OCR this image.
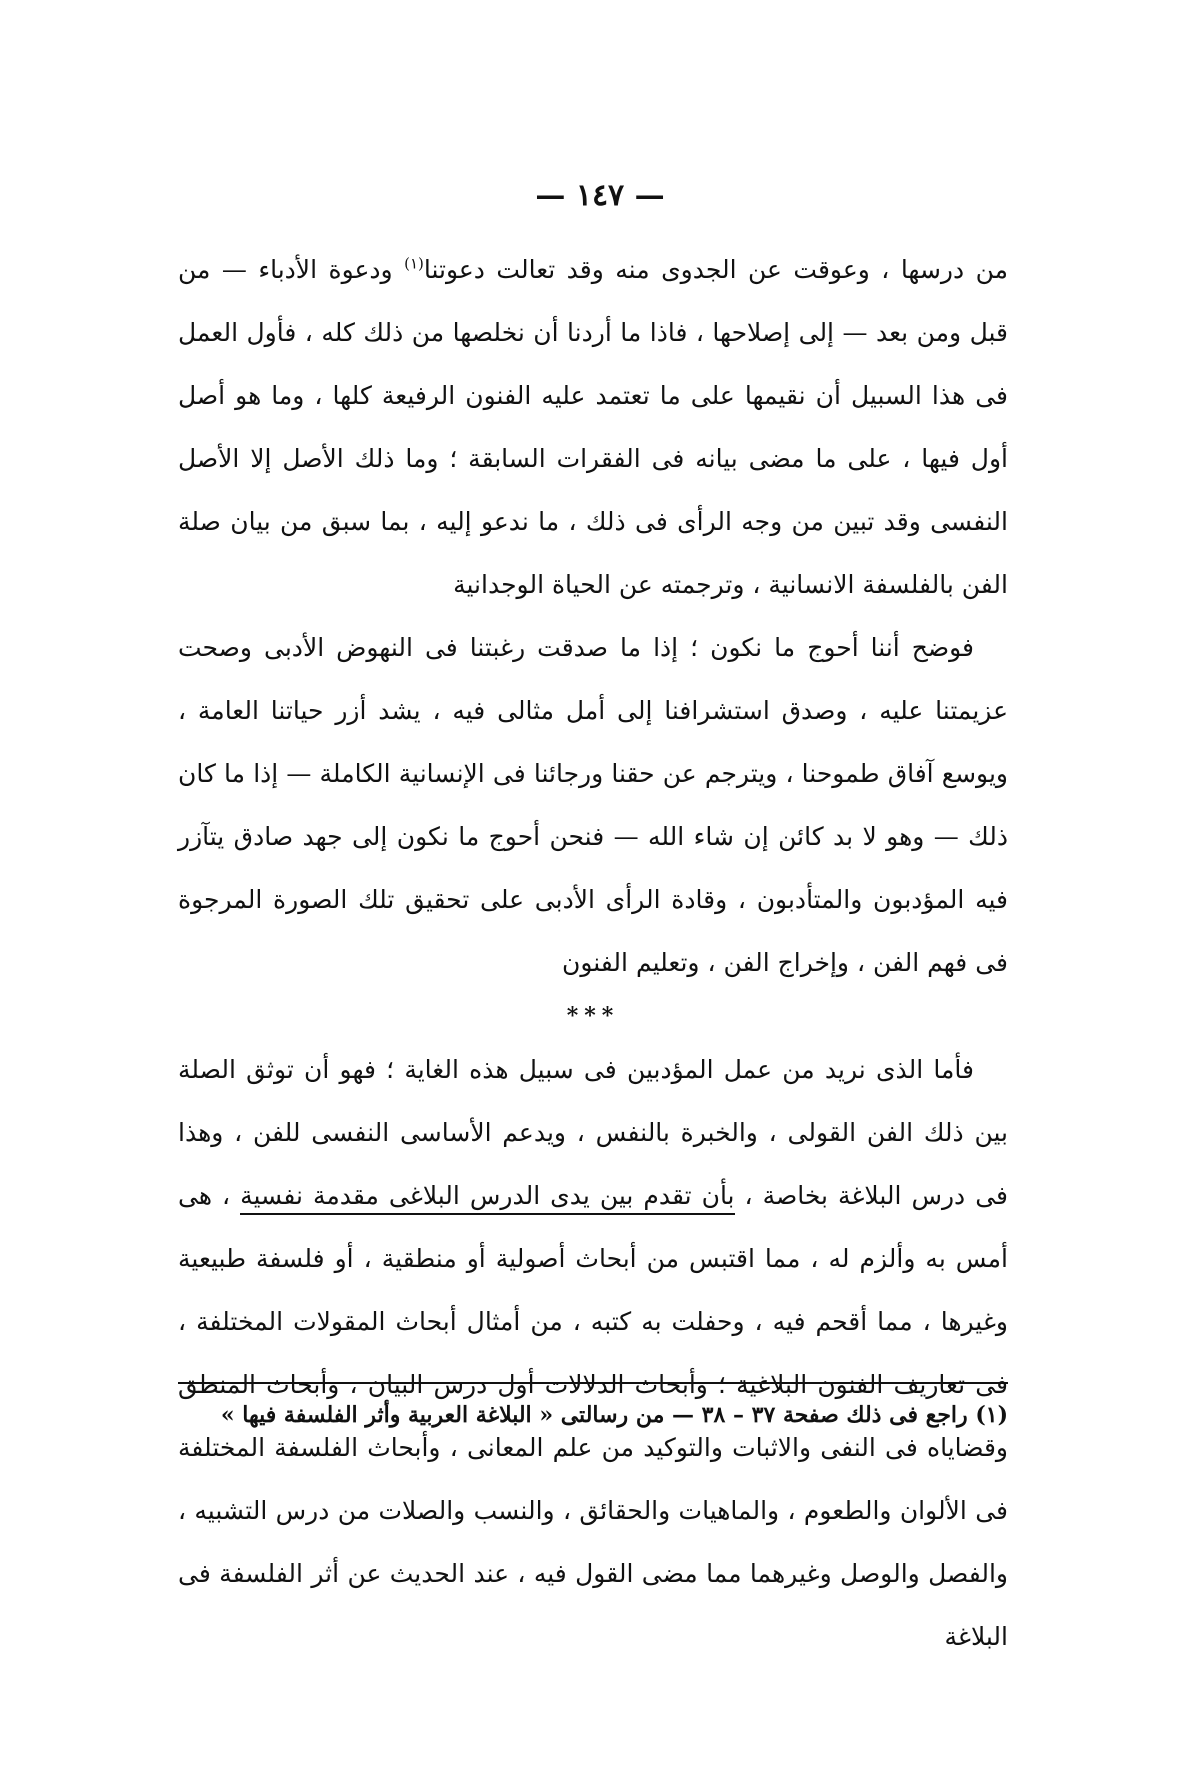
— ١٤٧ —

من درسها ، وعوقت عن الجدوى منه وقد تعالت دعوتنا$^{(١)}$ ودعوة الأدباء — من قبل ومن بعد — إلى إصلاحها ، فاذا ما أردنا أن نخلصها من ذلك كله ، فأول العمل فى هذا السبيل أن نقيمها على ما تعتمد عليه الفنون الرفيعة كلها ، وما هو أصل أول فيها ، على ما مضى بيانه فى الفقرات السابقة ؛ وما ذلك الأصل إلا الأصل النفسى وقد تبين من وجه الرأى فى ذلك ، ما ندعو إليه ، بما سبق من بيان صلة الفن بالفلسفة الانسانية ، وترجمته عن الحياة الوجدانية

فوضح أننا أحوج ما نكون ؛ إذا ما صدقت رغبتنا فى النهوض الأدبى وصحت عزيمتنا عليه ، وصدق استشرافنا إلى أمل مثالى فيه ، يشد أزر حياتنا العامة ، ويوسع آفاق طموحنا ، ويترجم عن حقنا ورجائنا فى الإنسانية الكاملة — إذا ما كان ذلك — وهو لا بد كائن إن شاء الله — فنحن أحوج ما نكون إلى جهد صادق يتآزر فيه المؤدبون والمتأدبون ، وقادة الرأى الأدبى على تحقيق تلك الصورة المرجوة فى فهم الفن ، وإخراج الفن ، وتعليم الفنون

***

فأما الذى نريد من عمل المؤدبين فى سبيل هذه الغاية ؛ فهو أن توثق الصلة بين ذلك الفن القولى ، والخبرة بالنفس ، ويدعم الأساسى النفسى للفن ، وهذا فى درس البلاغة بخاصة ، بأن تقدم بين يدى الدرس البلاغى مقدمة نفسية ، هى أمس به وألزم له ، مما اقتبس من أبحاث أصولية أو منطقية ، أو فلسفة طبيعية وغيرها ، مما أقحم فيه ، وحفلت به كتبه ، من أمثال أبحاث المقولات المختلفة ، فى تعاريف الفنون البلاغية ؛ وأبحاث الدلالات أول درس البيان ، وأبحاث المنطق وقضاياه فى النفى والاثبات والتوكيد من علم المعانى ، وأبحاث الفلسفة المختلفة فى الألوان والطعوم ، والماهيات والحقائق ، والنسب والصلات من درس التشبيه ، والفصل والوصل وغيرهما مما مضى القول فيه ، عند الحديث عن أثر الفلسفة فى البلاغة

(١) راجع فى ذلك صفحة ٣٧ – ٣٨ — من رسالتى « البلاغة العربية وأثر الفلسفة فيها »
